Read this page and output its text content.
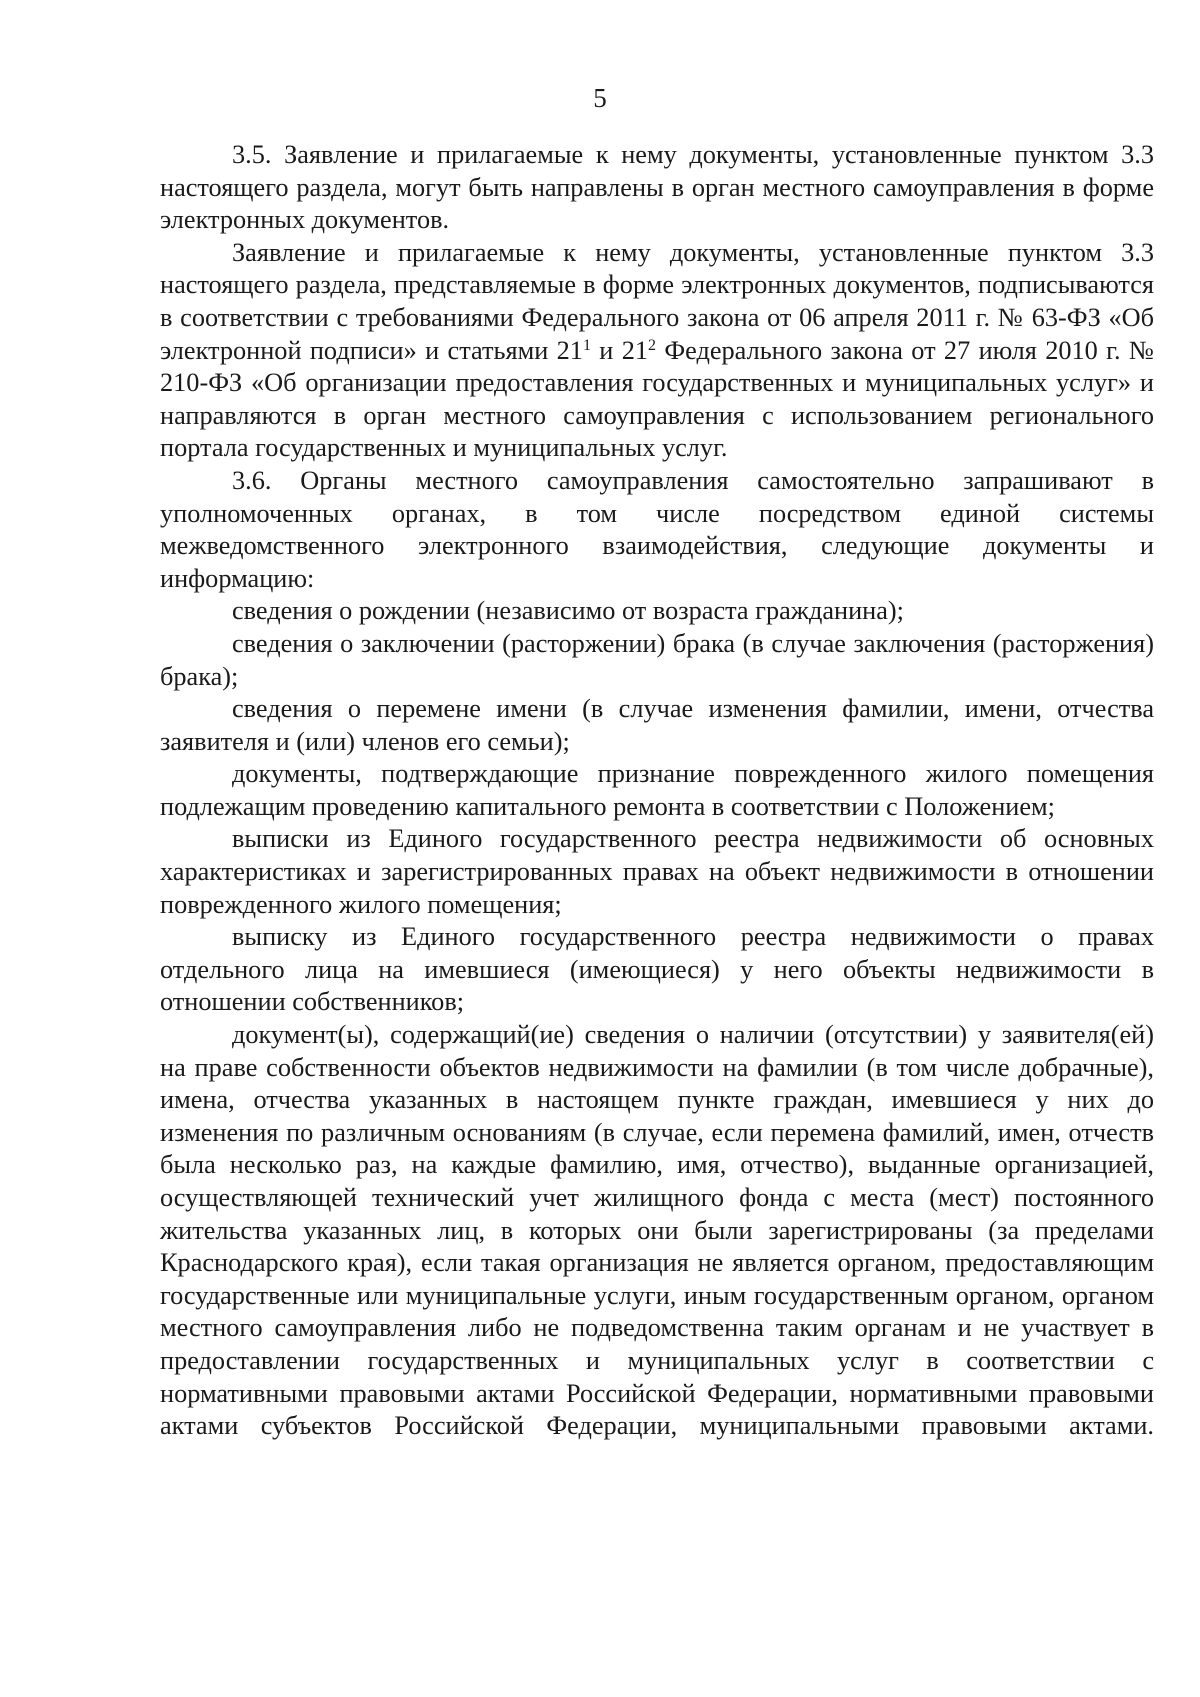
5

3.5. Заявление и прилагаемые к нему документы, установленные пунктом 3.3 настоящего раздела, могут быть направлены в орган местного самоуправления в форме электронных документов.

Заявление и прилагаемые к нему документы, установленные пунктом 3.3 настоящего раздела, представляемые в форме электронных документов, подписываются в соответствии с требованиями Федерального закона от 06 апреля 2011 г. № 63-ФЗ «Об электронной подписи» и статьями $21^1$ и $21^2$ Федерального закона от 27 июля 2010 г. № 210-ФЗ «Об организации предоставления государственных и муниципальных услуг» и направляются в орган местного самоуправления с использованием регионального портала государственных и муниципальных услуг.

3.6. Органы местного самоуправления самостоятельно запрашивают в уполномоченных органах, в том числе посредством единой системы межведомственного электронного взаимодействия, следующие документы и информацию:

сведения о рождении (независимо от возраста гражданина);

сведения о заключении (расторжении) брака (в случае заключения (расторжения) брака);

сведения о перемене имени (в случае изменения фамилии, имени, отчества заявителя и (или) членов его семьи);

документы, подтверждающие признание поврежденного жилого помещения подлежащим проведению капитального ремонта в соответствии с Положением;

выписки из Единого государственного реестра недвижимости об основных характеристиках и зарегистрированных правах на объект недвижимости в отношении поврежденного жилого помещения;

выписку из Единого государственного реестра недвижимости о правах отдельного лица на имевшиеся (имеющиеся) у него объекты недвижимости в отношении собственников;

документ(ы), содержащий(ие) сведения о наличии (отсутствии) у заявителя(ей) на праве собственности объектов недвижимости на фамилии (в том числе добрачные), имена, отчества указанных в настоящем пункте граждан, имевшиеся у них до изменения по различным основаниям (в случае, если перемена фамилий, имен, отчеств была несколько раз, на каждые фамилию, имя, отчество), выданные организацией, осуществляющей технический учет жилищного фонда с места (мест) постоянного жительства указанных лиц, в которых они были зарегистрированы (за пределами Краснодарского края), если такая организация не является органом, предоставляющим государственные или муниципальные услуги, иным государственным органом, органом местного самоуправления либо не подведомственна таким органам и не участвует в предоставлении государственных и муниципальных услуг в соответствии с нормативными правовыми актами Российской Федерации, нормативными правовыми актами субъектов Российской Федерации, муниципальными правовыми актами.
